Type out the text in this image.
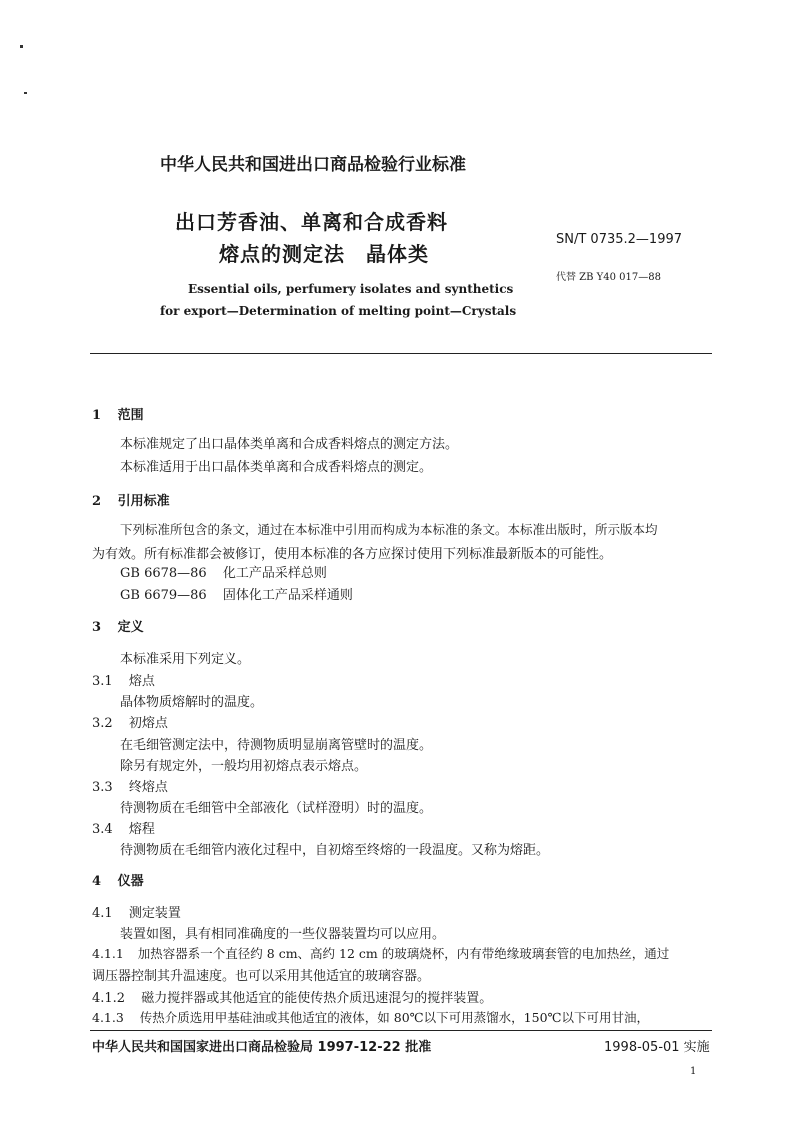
中华人民共和国进出口商品检验行业标准
出口芳香油、单离和合成香料
熔点的测定法　晶体类
SN/T 0735.2—1997
代替 ZB Y40 017—88
Essential oils, perfumery isolates and synthetics
for export—Determination of melting point—Crystals
1 范围
本标准规定了出口晶体类单离和合成香料熔点的测定方法。
本标准适用于出口晶体类单离和合成香料熔点的测定。
2 引用标准
下列标准所包含的条文，通过在本标准中引用而构成为本标准的条文。本标准出版时，所示版本均
为有效。所有标准都会被修订，使用本标准的各方应探讨使用下列标准最新版本的可能性。
GB 6678—86 化工产品采样总则
GB 6679—86 固体化工产品采样通则
3 定义
本标准采用下列定义。
3.1 熔点
晶体物质熔解时的温度。
3.2 初熔点
在毛细管测定法中，待测物质明显崩离管壁时的温度。
除另有规定外，一般均用初熔点表示熔点。
3.3 终熔点
待测物质在毛细管中全部液化（试样澄明）时的温度。
3.4 熔程
待测物质在毛细管内液化过程中，自初熔至终熔的一段温度。又称为熔距。
4 仪器
4.1 测定装置
装置如图，具有相同准确度的一些仪器装置均可以应用。
4.1.1 加热容器系一个直径约 8 cm、高约 12 cm 的玻璃烧杯，内有带绝缘玻璃套管的电加热丝，通过
调压器控制其升温速度。也可以采用其他适宜的玻璃容器。
4.1.2 磁力搅拌器或其他适宜的能使传热介质迅速混匀的搅拌装置。
4.1.3 传热介质选用甲基硅油或其他适宜的液体，如 80℃以下可用蒸馏水，150℃以下可用甘油，
中华人民共和国国家进出口商品检验局 1997-12-22 批准	1998-05-01 实施
1
